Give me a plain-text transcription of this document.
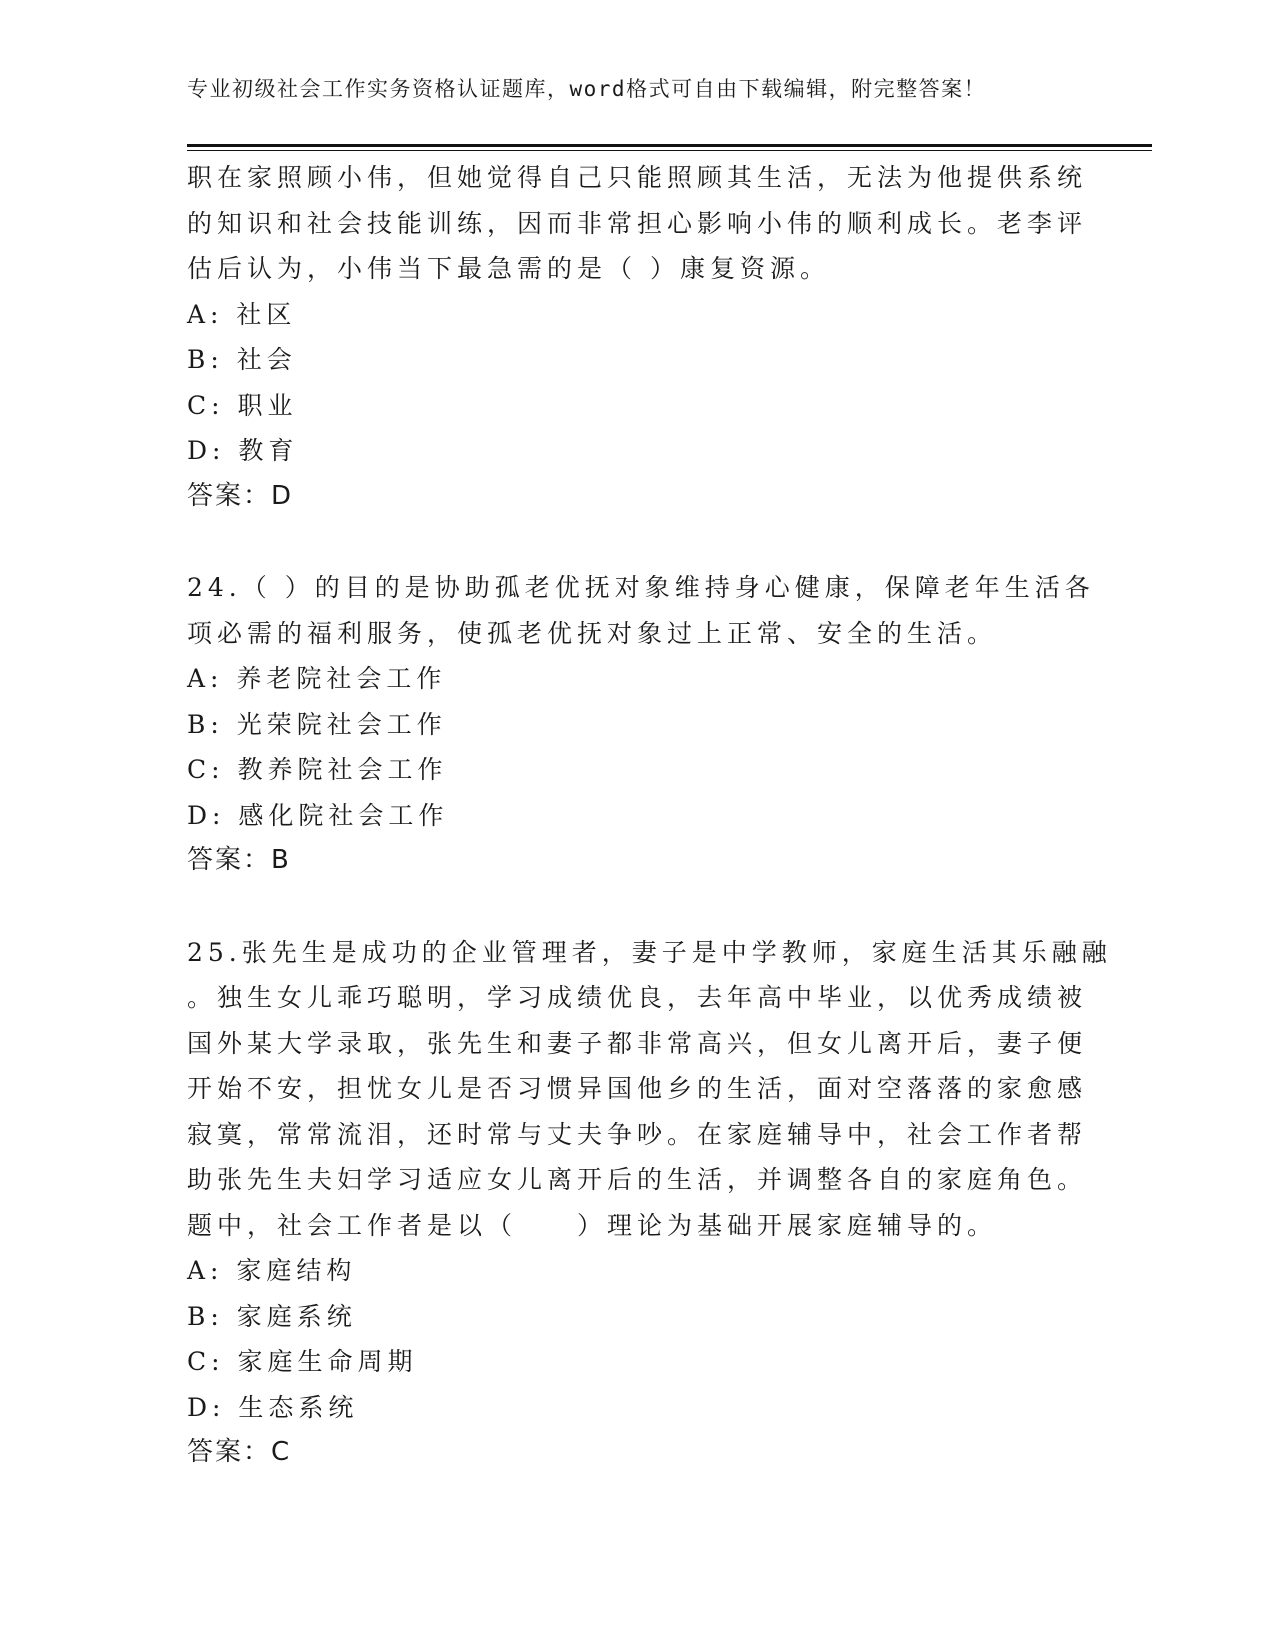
专业初级社会工作实务资格认证题库，word格式可自由下载编辑，附完整答案！
职在家照顾小伟，但她觉得自己只能照顾其生活，无法为他提供系统
的知识和社会技能训练，因而非常担心影响小伟的顺利成长。老李评
估后认为，小伟当下最急需的是（ ）康复资源。
A: 社区
B: 社会
C: 职业
D: 教育
答案：D
24.（ ）的目的是协助孤老优抚对象维持身心健康，保障老年生活各
项必需的福利服务，使孤老优抚对象过上正常、安全的生活。
A: 养老院社会工作
B: 光荣院社会工作
C: 教养院社会工作
D: 感化院社会工作
答案：B
25.张先生是成功的企业管理者，妻子是中学教师，家庭生活其乐融融
。独生女儿乖巧聪明，学习成绩优良，去年高中毕业，以优秀成绩被
国外某大学录取，张先生和妻子都非常高兴，但女儿离开后，妻子便
开始不安，担忧女儿是否习惯异国他乡的生活，面对空落落的家愈感
寂寞，常常流泪，还时常与丈夫争吵。在家庭辅导中，社会工作者帮
助张先生夫妇学习适应女儿离开后的生活，并调整各自的家庭角色。
题中，社会工作者是以（　　）理论为基础开展家庭辅导的。
A: 家庭结构
B: 家庭系统
C: 家庭生命周期
D: 生态系统
答案：C
